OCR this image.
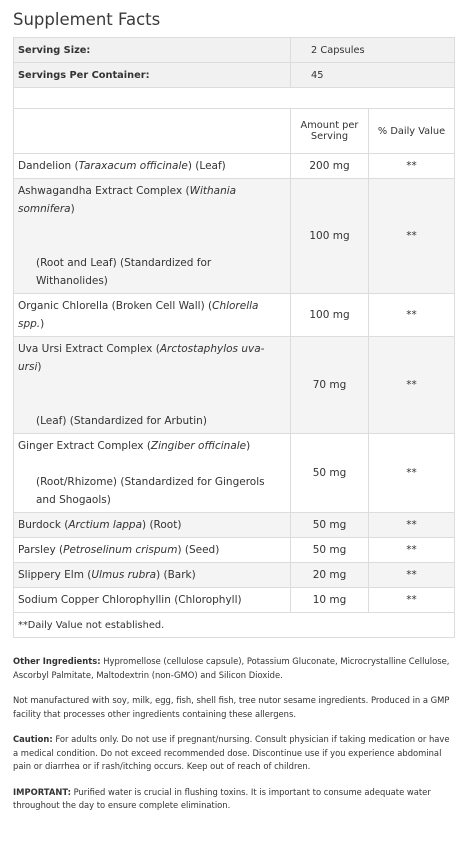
Supplement Facts
Serving Size:	2 Capsules	
Servings Per Container:	45	

	Amount per Serving	% Daily Value

Dandelion (Taraxacum officinale) (Leaf)	200 mg	**

Ashwagandha Extract Complex (Withania somnifera)
(Root and Leaf) (Standardized for Withanolides)	100 mg	**

Organic Chlorella (Broken Cell Wall) (Chlorella spp.)	100 mg	**

Uva Ursi Extract Complex (Arctostaphylos uva-ursi)
(Leaf) (Standardized for Arbutin)	70 mg	**

Ginger Extract Complex (Zingiber officinale)
(Root/Rhizome) (Standardized for Gingerols and Shogaols)	50 mg	**

Burdock (Arctium lappa) (Root)	50 mg	**

Parsley (Petroselinum crispum) (Seed)	50 mg	**

Slippery Elm (Ulmus rubra) (Bark)	20 mg	**

Sodium Copper Chlorophyllin (Chlorophyll)	10 mg	**
**Daily Value not established.		

Other Ingredients: Hypromellose (cellulose capsule), Potassium Gluconate, Microcrystalline Cellulose, Ascorbyl Palmitate, Maltodextrin (non-GMO) and Silicon Dioxide.

Not manufactured with soy, milk, egg, fish, shell fish, tree nutor sesame ingredients. Produced in a GMP facility that processes other ingredients containing these allergens.

Caution: For adults only. Do not use if pregnant/nursing. Consult physician if taking medication or have a medical condition. Do not exceed recommended dose. Discontinue use if you experience abdominal pain or diarrhea or if rash/itching occurs. Keep out of reach of children.

IMPORTANT: Purified water is crucial in flushing toxins. It is important to consume adequate water throughout the day to ensure complete elimination.
